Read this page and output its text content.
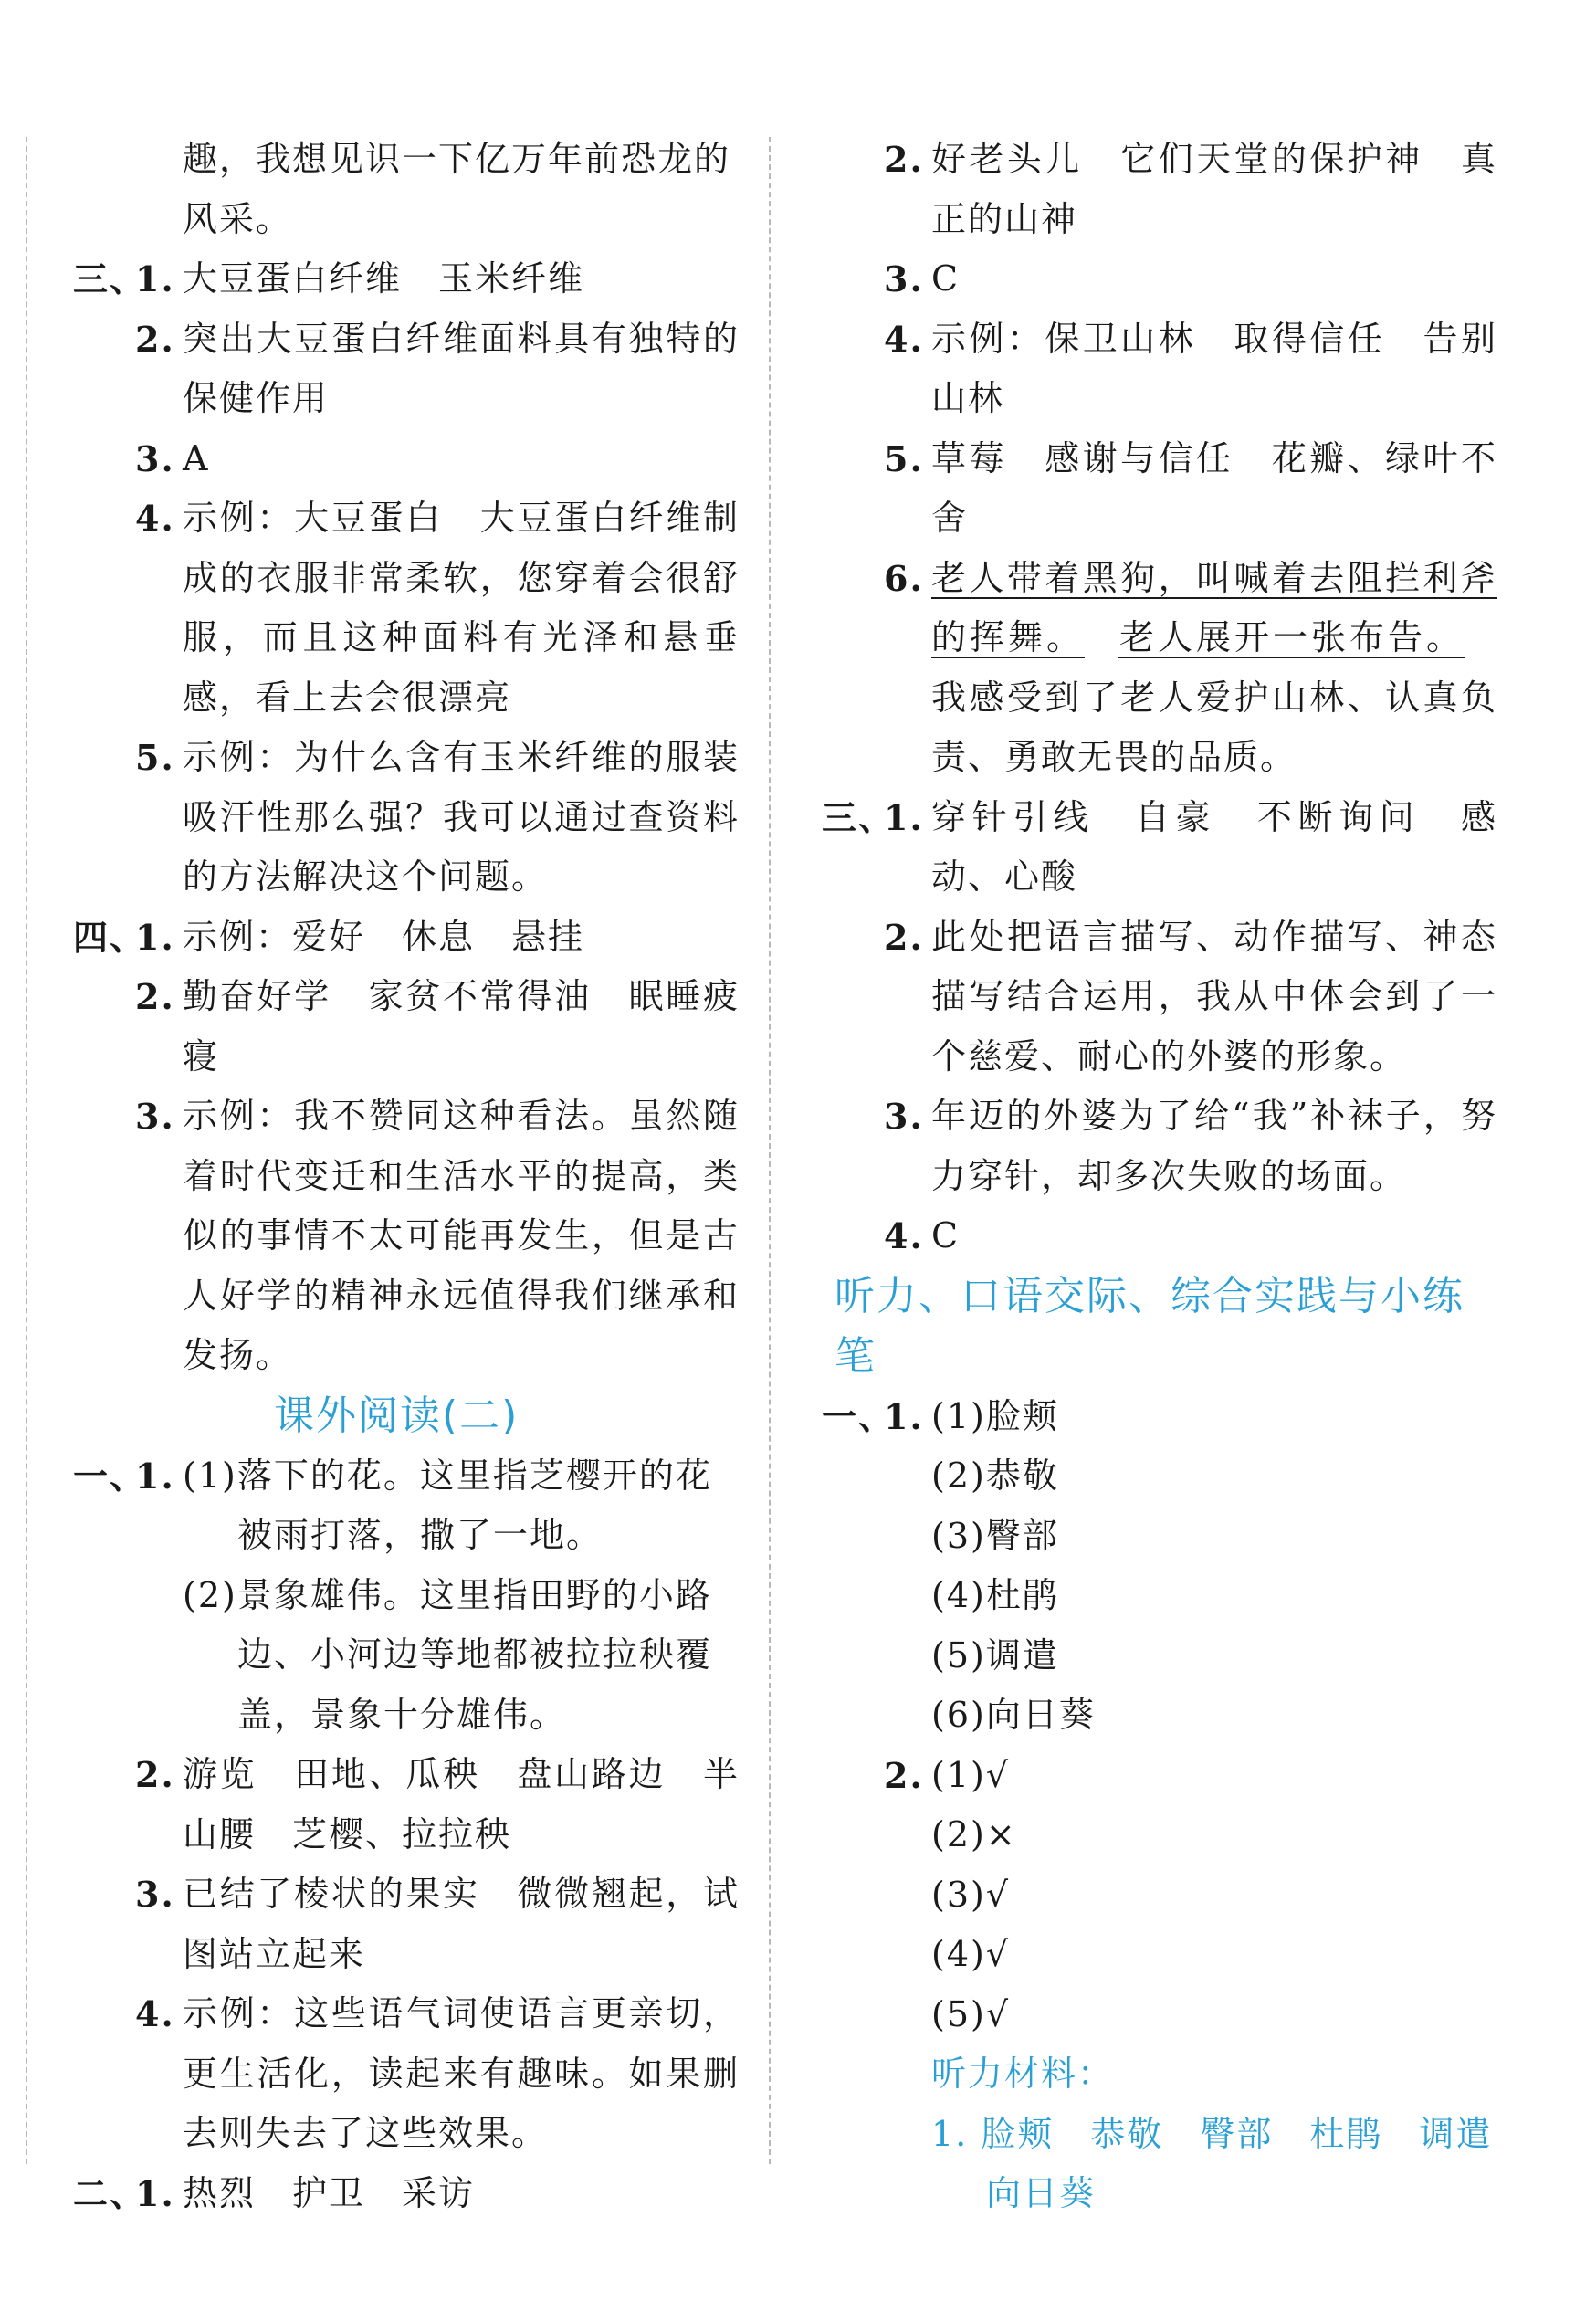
趣，我想见识一下亿万年前恐龙的
风采。
三、
1. 大豆蛋白纤维　玉米纤维
2. 突出大豆蛋白纤维面料具有独特的保健作用
3. A
4. 示例：大豆蛋白　大豆蛋白纤维制成的衣服非常柔软，您穿着会很舒服，而且这种面料有光泽和悬垂感，看上去会很漂亮
5. 示例：为什么含有玉米纤维的服装吸汗性那么强？我可以通过查资料的方法解决这个问题。
四、
1. 示例：爱好　休息　悬挂
2. 勤奋好学　家贫不常得油　眠睡疲寝
3. 示例：我不赞同这种看法。虽然随着时代变迁和生活水平的提高，类似的事情不太可能再发生，但是古人好学的精神永远值得我们继承和发扬。
课外阅读(二)
一、
1. (1)落下的花。这里指芝樱开的花被雨打落，撒了一地。
(2)景象雄伟。这里指田野的小路边、小河边等地都被拉拉秧覆盖，景象十分雄伟。
2. 游览　田地、瓜秧　盘山路边　半山腰　芝樱、拉拉秧
3. 已结了棱状的果实　微微翘起，试图站立起来
4. 示例：这些语气词使语言更亲切，更生活化，读起来有趣味。如果删去则失去了这些效果。
二、
1. 热烈　护卫　采访
2. 好老头儿　它们天堂的保护神　真正的山神
3. C
4. 示例：保卫山林　取得信任　告别山林
5. 草莓　感谢与信任　花瓣、绿叶不舍
6. 老人带着黑狗，叫喊着去阻拦利斧的挥舞。 老人展开一张布告。我感受到了老人爱护山林、认真负责、勇敢无畏的品质。
三、
1. 穿针引线　自豪　不断询问　感动、心酸
2. 此处把语言描写、动作描写、神态描写结合运用，我从中体会到了一个慈爱、耐心的外婆的形象。
3. 年迈的外婆为了给“我”补袜子，努力穿针，却多次失败的场面。
4. C
听力、口语交际、综合实践与小练笔
一、
1. (1)脸颊
(2)恭敬
(3)臀部
(4)杜鹃
(5)调遣
(6)向日葵
2. (1)√
(2)×
(3)√
(4)√
(5)√
听力材料：
1. 脸颊　恭敬　臀部　杜鹃　调遣　向日葵
